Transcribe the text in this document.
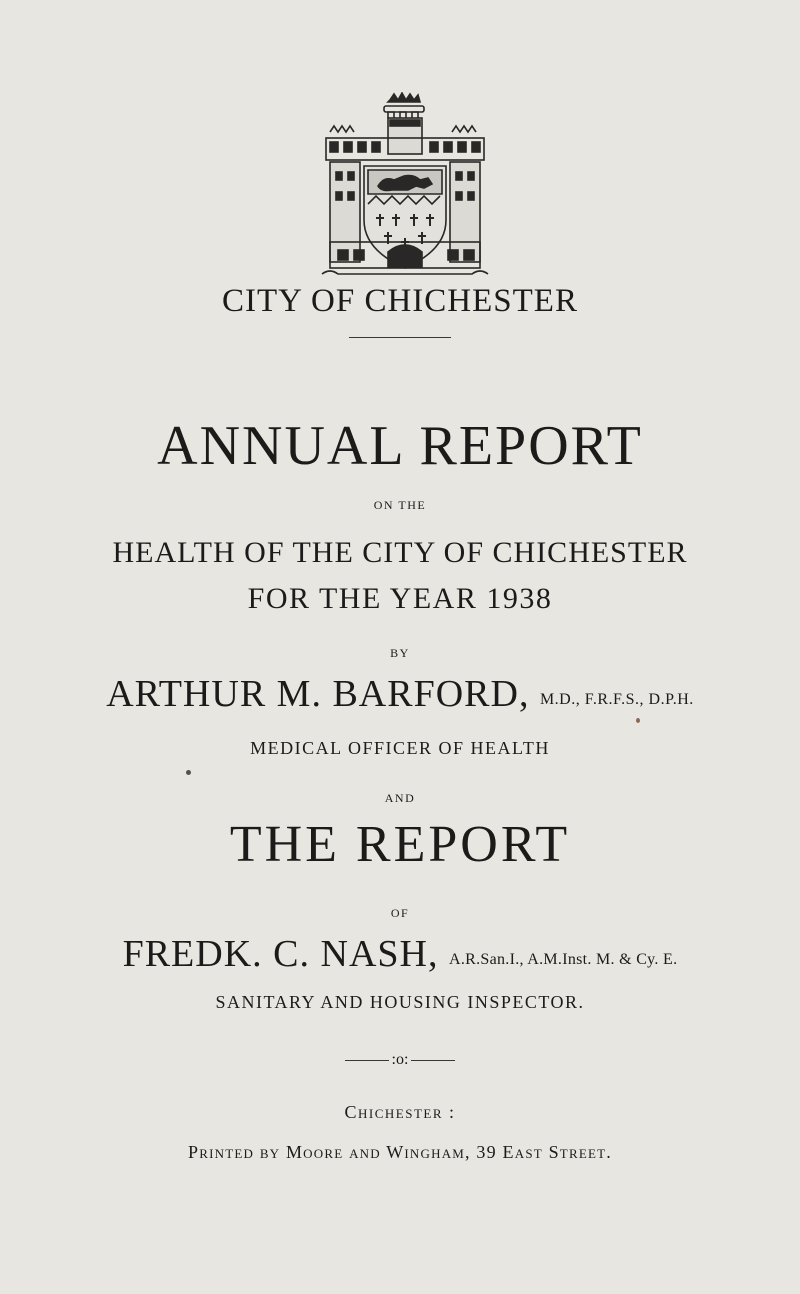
CITY OF CHICHESTER
ANNUAL REPORT
ON THE
HEALTH OF THE CITY OF CHICHESTER
FOR THE YEAR 1938
BY
ARTHUR M. BARFORD, M.D., F.R.F.S., D.P.H.
MEDICAL OFFICER OF HEALTH
AND
THE REPORT
OF
FREDK. C. NASH, A.R.San.I., A.M.Inst. M. & Cy. E.
SANITARY AND HOUSING INSPECTOR.
:o:
Chichester :
Printed by Moore and Wingham, 39 East Street.
